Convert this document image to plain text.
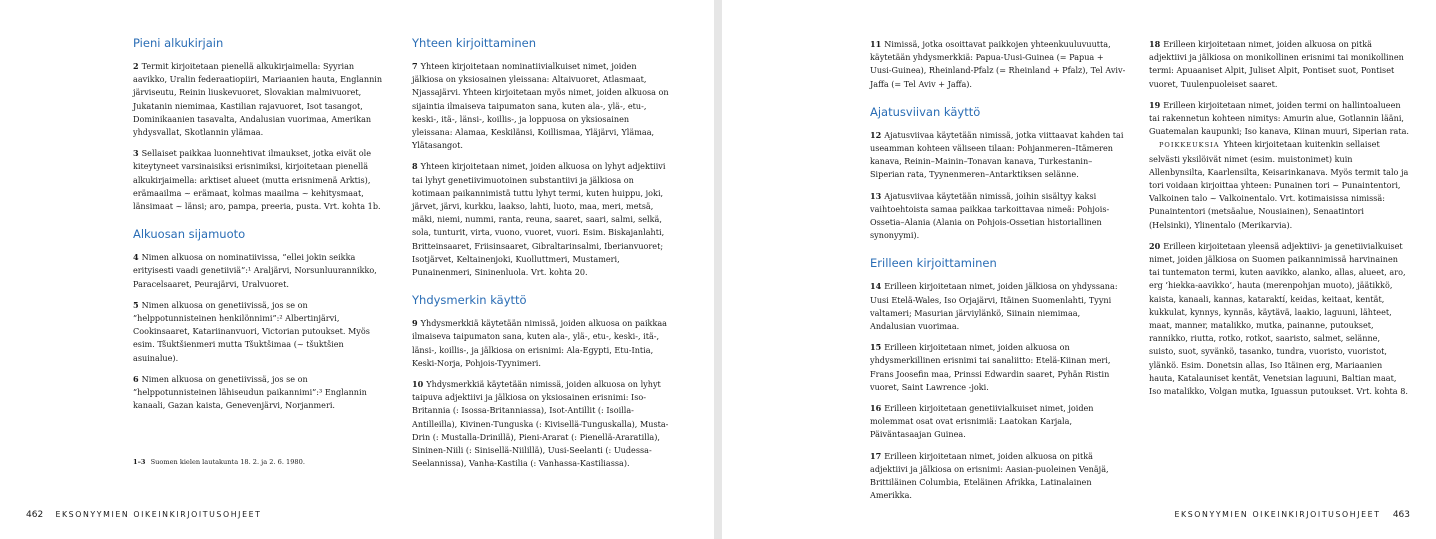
Pieni alkukirjain

2 Termit kirjoitetaan pienellä alkukirjaimella: Syyrian aavikko, Uralin federaatiopiiri, Mariaanien hauta, Englannin järviseutu, Reinin liuskevuoret, Slovakian malmivuoret, Jukatanin niemimaa, Kastilian rajavuoret, Isot tasangot, Dominikaanien tasavalta, Andalusian vuorimaa, Amerikan yhdysvallat, Skotlannin ylämaa.

3 Sellaiset paikkaa luonnehtivat ilmaukset, jotka eivät ole kiteytyneet varsinaisiksi erisnimiksi, kirjoitetaan pienellä alkukirjaimella: arktiset alueet (mutta erisnimenä Arktis), erämaailma ~ erämaat, kolmas maailma ~ kehitysmaat, länsimaat ~ länsi; aro, pampa, preeria, pusta. Vrt. kohta 1b.

Alkuosan sijamuoto

4 Nimen alkuosa on nominatiivissa, ”ellei jokin seikka erityisesti vaadi genetiiviä”:¹ Araljärvi, Norsunluurannikko, Paracelsaaret, Peurajärvi, Uralvuoret.

5 Nimen alkuosa on genetiivissä, jos se on ”helppotunnisteinen henkilönnimi”:² Albertinjärvi, Cookinsaaret, Katariinanvuori, Victorian putoukset. Myös esim. Tšuktšienmeri mutta Tšuktšimaa (~ tšuktšien asuinalue).

6 Nimen alkuosa on genetiivissä, jos se on ”helppotunnisteinen lähiseudun paikannimi”:³ Englannin kanaali, Gazan kaista, Genevenjärvi, Norjanmeri.

1–3 Suomen kielen lautakunta 18. 2. ja 2. 6. 1980.
Yhteen kirjoittaminen

7 Yhteen kirjoitetaan nominatiivialkuiset nimet, joiden jälkiosa on yksiosainen yleissana: Altaivuoret, Atlasmaat, Njassajärvi. Yhteen kirjoitetaan myös nimet, joiden alkuosa on sijaintia ilmaiseva taipumaton sana, kuten ala-, ylä-, etu-, keski-, itä-, länsi-, koillis-, ja loppuosa on yksiosainen yleissana: Alamaa, Keskilänsi, Koillismaa, Yläjärvi, Ylämaa, Ylätasangot.

8 Yhteen kirjoitetaan nimet, joiden alkuosa on lyhyt adjektiivi tai lyhyt genetiivimuotoinen substantiivi ja jälkiosa on kotimaan paikannimistä tuttu lyhyt termi, kuten huippu, joki, järvet, järvi, kurkku, laakso, lahti, luoto, maa, meri, metsä, mäki, niemi, nummi, ranta, reuna, saaret, saari, salmi, selkä, sola, tunturit, virta, vuono, vuoret, vuori. Esim. Biskajanlahti, Britteinsaaret, Friisinsaaret, Gibraltarinsalmi, Iberianvuoret; Isotjärvet, Keltainenjoki, Kuolluttmeri, Mustameri, Punainenmeri, Sininenluola. Vrt. kohta 20.

Yhdysmerkin käyttö

9 Yhdysmerkkiä käytetään nimissä, joiden alkuosa on paikkaa ilmaiseva taipumaton sana, kuten ala-, ylä-, etu-, keski-, itä-, länsi-, koillis-, ja jälkiosa on erisnimi: Ala-Egypti, Etu-Intia, Keski-Norja, Pohjois-Tyynimeri.

10 Yhdysmerkkiä käytetään nimissä, joiden alkuosa on lyhyt taipuva adjektiivi ja jälkiosa on yksiosainen erisnimi: Iso-Britannia (: Isossa-Britanniassa), Isot-Antillit (: Isoilla-Antilleilla), Kivinen-Tunguska (: Kivisellä-Tunguskalla), Musta-Drin (: Mustalla-Drinillä), Pieni-Ararat (: Pienellä-Araratilla), Sininen-Niili (: Sinisellä-Niilillä), Uusi-Seelanti (: Uudessa-Seelannissa), Vanha-Kastilia (: Vanhassa-Kastiliassa).

462 EKSONYYMIEN OIKEINKIRJOITUSOHJEET

11 Nimissä, jotka osoittavat paikkojen yhteenkuuluvuutta, käytetään yhdysmerkkiä: Papua-Uusi-Guinea (= Papua + Uusi-Guinea), Rheinland-Pfalz (= Rheinland + Pfalz), Tel Aviv-Jaffa (= Tel Aviv + Jaffa).

Ajatusviivan käyttö

12 Ajatusviivaa käytetään nimissä, jotka viittaavat kahden tai useamman kohteen väliseen tilaan: Pohjanmeren–Itämeren kanava, Reinin–Mainin–Tonavan kanava, Turkestanin–Siperian rata, Tyynenmeren–Antarktiksen selänne.

13 Ajatusviivaa käytetään nimissä, joihin sisältyy kaksi vaihtoehtoista samaa paikkaa tarkoittavaa nimeä: Pohjois-Ossetia–Alania (Alania on Pohjois-Ossetian historiallinen synonyymi).

Erilleen kirjoittaminen

14 Erilleen kirjoitetaan nimet, joiden jälkiosa on yhdyssana: Uusi Etelä-Wales, Iso Orjajärvi, Itäinen Suomenlahti, Tyyni valtameri; Masurian järviylänkö, Siinain niemimaa, Andalusian vuorimaa.

15 Erilleen kirjoitetaan nimet, joiden alkuosa on yhdysmerkillinen erisnimi tai sanaliitto: Etelä-Kiinan meri, Frans Joosefin maa, Prinssi Edwardin saaret, Pyhän Ristin vuoret, Saint Lawrence -joki.

16 Erilleen kirjoitetaan genetiivialkuiset nimet, joiden molemmat osat ovat erisnimiä: Laatokan Karjala, Päiväntasaajan Guinea.

17 Erilleen kirjoitetaan nimet, joiden alkuosa on pitkä adjektiivi ja jälkiosa on erisnimi: Aasian-puoleinen Venäjä, Brittiläinen Columbia, Eteläinen Afrikka, Latinalainen Amerikka.

18 Erilleen kirjoitetaan nimet, joiden alkuosa on pitkä adjektiivi ja jälkiosa on monikollinen erisnimi tai monikollinen termi: Apuaaniset Alpit, Juliset Alpit, Pontiset suot, Pontiset vuoret, Tuulenpuoleiset saaret.

19 Erilleen kirjoitetaan nimet, joiden termi on hallintoalueen tai rakennetun kohteen nimitys: Amurin alue, Gotlannin lääni, Guatemalan kaupunki; Iso kanava, Kiinan muuri, Siperian rata.

POIKKEUKSIA Yhteen kirjoitetaan kuitenkin sellaiset selvästi yksilöivät nimet (esim. muistonimet) kuin Allenbynsilta, Kaarlensilta, Keisarinkanava. Myös termit talo ja tori voidaan kirjoittaa yhteen: Punainen tori ~ Punaintentori, Valkoinen talo ~ Valkoinentalo. Vrt. kotimaisissa nimissä: Punaintentori (metsäalue, Nousiainen), Senaatintori (Helsinki), Ylinentalo (Merikarvia).

20 Erilleen kirjoitetaan yleensä adjektiivi- ja genetiivialkuiset nimet, joiden jälkiosa on Suomen paikannimissä harvinainen tai tuntematon termi, kuten aavikko, alanko, allas, alueet, aro, erg ’hiekka-aavikko’, hauta (merenpohjan muoto), jäätikkö, kaista, kanaali, kannas, kataraktí, keidas, keitaat, kentät, kukkulat, kynnys, kynnäs, käytävä, laakio, laguuni, lähteet, maat, manner, matalikko, mutka, painanne, putoukset, rannikko, riutta, rotko, rotkot, saaristo, salmet, selänne, suisto, suot, syvänkö, tasanko, tundra, vuoristo, vuoristot, ylänkö. Esim. Donetsin allas, Iso Itäinen erg, Mariaanien hauta, Katalauniset kentät, Venetsian laguuni, Baltian maat, Iso matalikko, Volgan mutka, Iguassun putoukset. Vrt. kohta 8.

EKSONYYMIEN OIKEINKIRJOITUSOHJEET 463
